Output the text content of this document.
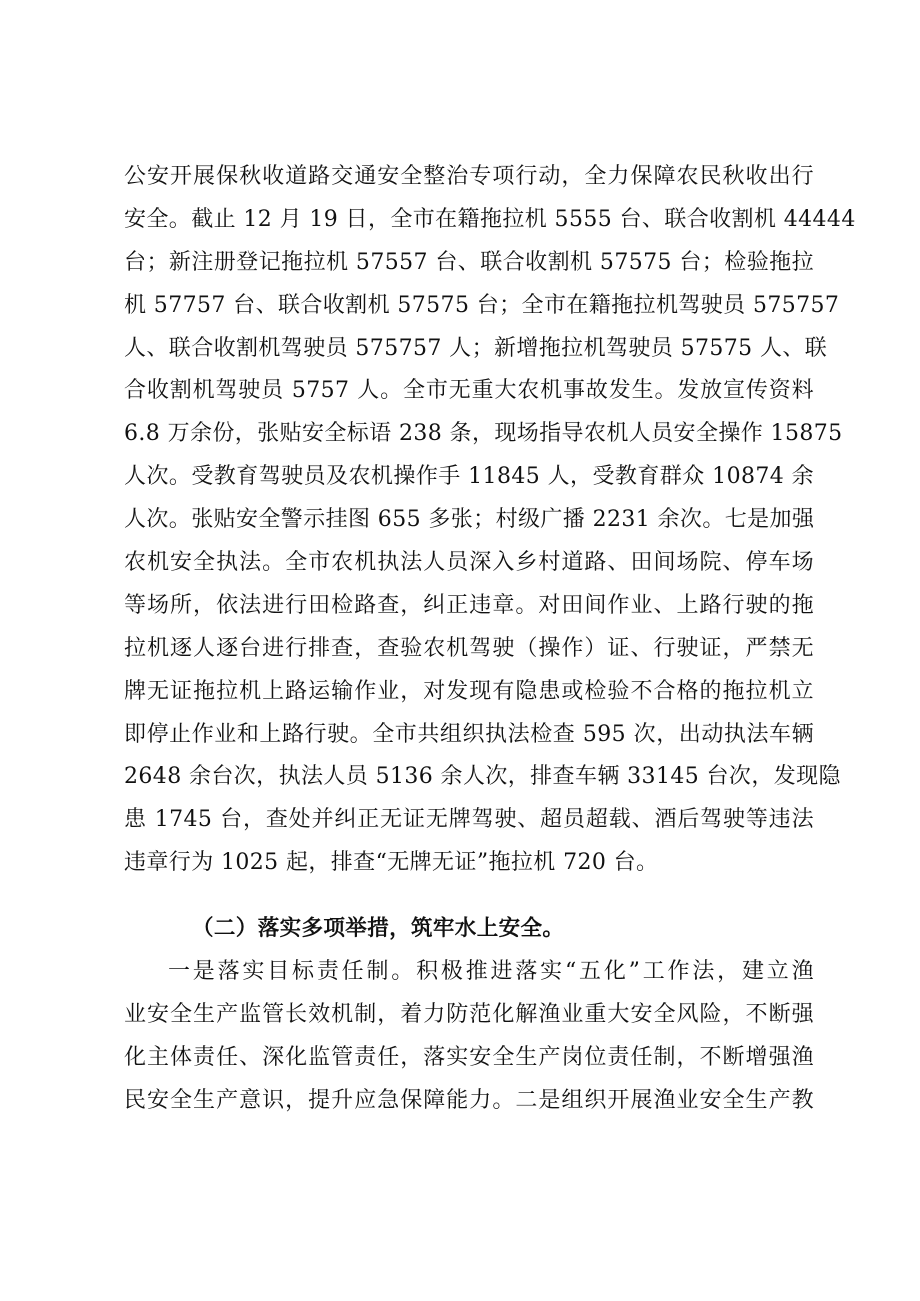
公安开展保秋收道路交通安全整治专项行动，全力保障农民秋收出行
安全。截止 12 月 19 日，全市在籍拖拉机 5555 台、联合收割机 44444
台；新注册登记拖拉机 57557 台、联合收割机 57575 台；检验拖拉
机 57757 台、联合收割机 57575 台；全市在籍拖拉机驾驶员 575757
人、联合收割机驾驶员 575757 人；新增拖拉机驾驶员 57575 人、联
合收割机驾驶员 5757 人。全市无重大农机事故发生。发放宣传资料
6.8 万余份，张贴安全标语 238 条，现场指导农机人员安全操作 15875
人次。受教育驾驶员及农机操作手 11845 人，受教育群众 10874 余
人次。张贴安全警示挂图 655 多张；村级广播 2231 余次。七是加强
农机安全执法。全市农机执法人员深入乡村道路、田间场院、停车场
等场所，依法进行田检路查，纠正违章。对田间作业、上路行驶的拖
拉机逐人逐台进行排查，查验农机驾驶（操作）证、行驶证，严禁无
牌无证拖拉机上路运输作业，对发现有隐患或检验不合格的拖拉机立
即停止作业和上路行驶。全市共组织执法检查 595 次，出动执法车辆
2648 余台次，执法人员 5136 余人次，排查车辆 33145 台次，发现隐
患 1745 台，查处并纠正无证无牌驾驶、超员超载、酒后驾驶等违法
违章行为 1025 起，排查“无牌无证”拖拉机 720 台。
（二）落实多项举措，筑牢水上安全。
一是落实目标责任制。积极推进落实“五化”工作法，建立渔
业安全生产监管长效机制，着力防范化解渔业重大安全风险，不断强
化主体责任、深化监管责任，落实安全生产岗位责任制，不断增强渔
民安全生产意识，提升应急保障能力。二是组织开展渔业安全生产教
